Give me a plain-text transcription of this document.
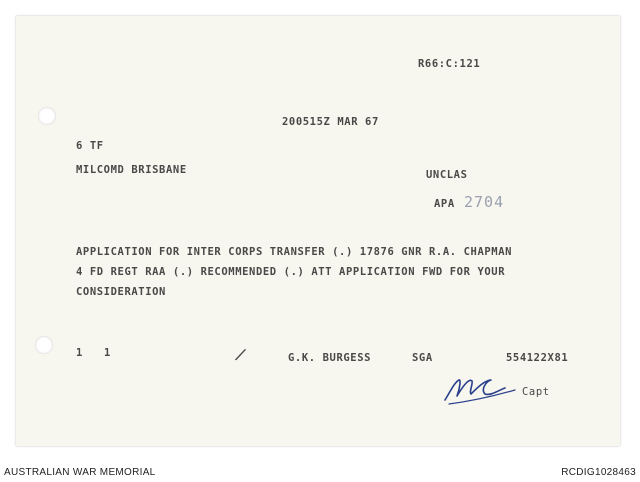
R66:C:121
200515Z MAR 67
6 TF
MILCOMD BRISBANE	UNCLAS
APA 2704
APPLICATION FOR INTER CORPS TRANSFER (.) 17876 GNR R.A. CHAPMAN
4 FD REGT RAA (.) RECOMMENDED (.) ATT APPLICATION FWD FOR YOUR
CONSIDERATION
1 1	/	G.K. BURGESS	SGA	554122X81
Capt
AUSTRALIAN WAR MEMORIAL	RCDIG1028463
